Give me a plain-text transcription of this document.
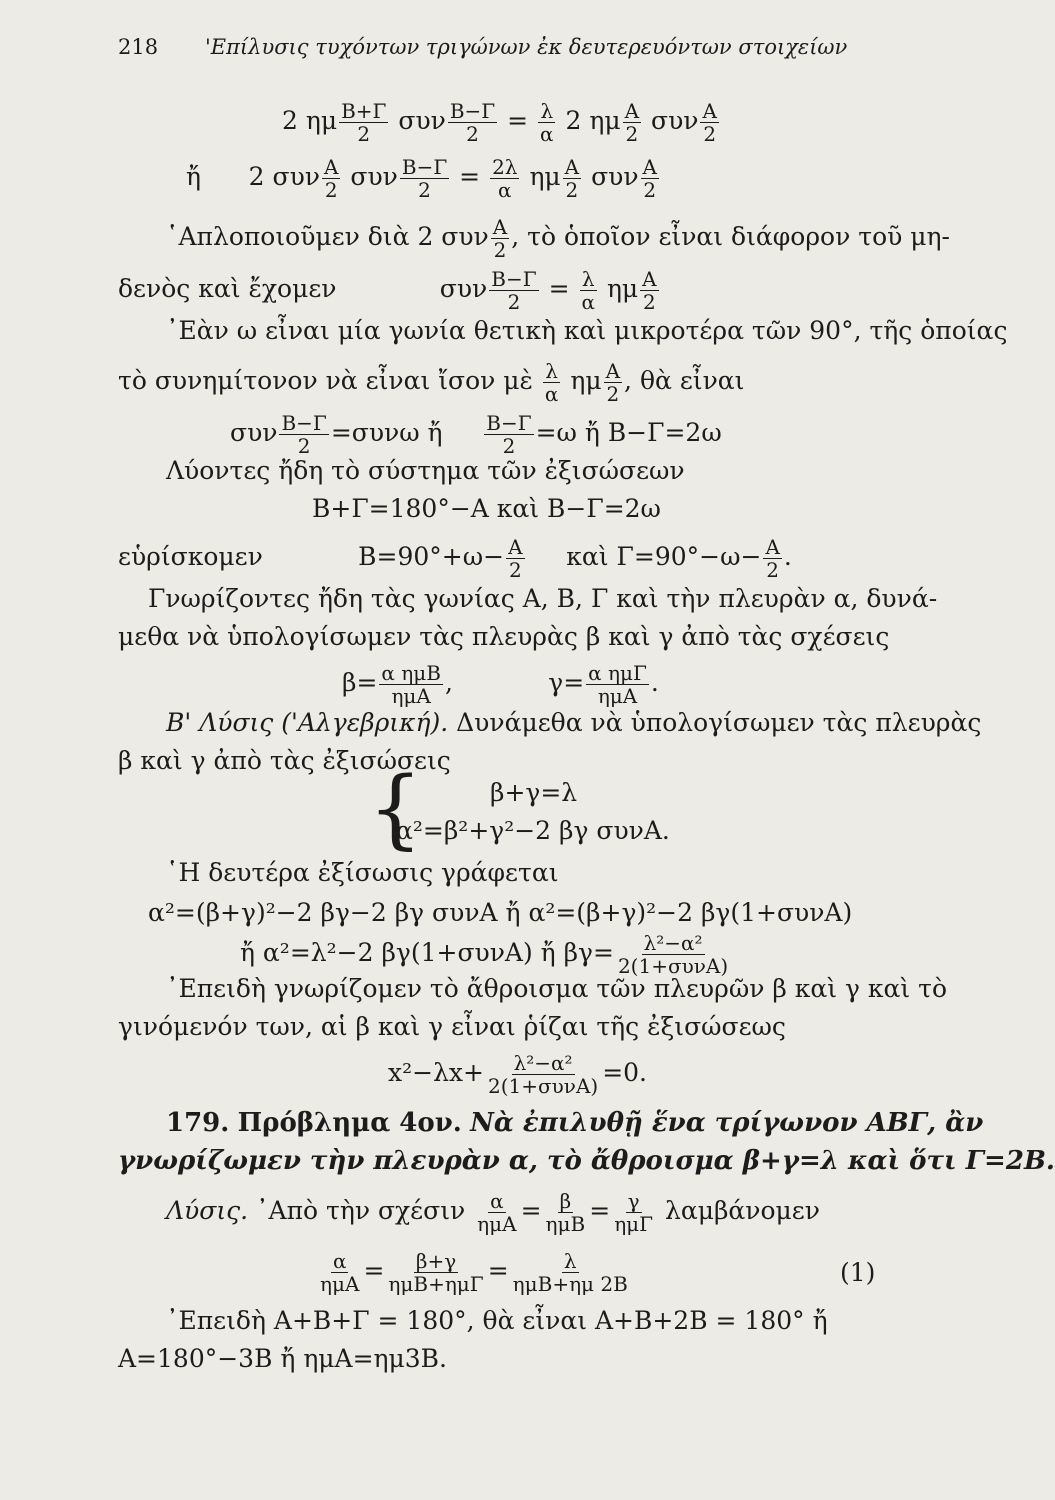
218 'Επίλυσις τυχόντων τριγώνων ἐκ δευτερευόντων στοιχείων
2 ημ $\frac{B+\Gamma}{2}$ συν $\frac{B-\Gamma}{2} = \frac{\lambda}{\alpha} 2$ ημ $\frac{A}{2}$ συν $\frac{A}{2}$
ἤ 2 συν $\frac{A}{2}$ συν $\frac{B-\Gamma}{2} = \frac{2\lambda}{\alpha}$ ημ $\frac{A}{2}$ συν $\frac{A}{2}$
῾Απλοποιοῦμεν διὰ 2 συν $\frac{A}{2}$ , τὸ ὁποῖον εἶναι διάφορον τοῦ μη-
δενὸς καὶ ἔχομεν	συν $\frac{B-\Gamma}{2} = \frac{\lambda}{\alpha}$ ημ $\frac{A}{2}$
᾿Εὰν ω εἶναι μία γωνία θετικὴ καὶ μικροτέρα τῶν 90°, τῆς ὁποίας
τὸ συνημίτονον νὰ εἶναι ἴσον μὲ $\frac{\lambda}{\alpha}$ ημ $\frac{A}{2}$ , θὰ εἶναι
συν $\frac{B-\Gamma}{2} =\sigma\upsilon\nu\omega$ ἤ $\frac{B-\Gamma}{2} =\omega$ ἤ Β−Γ=2ω
Λύοντες ἤδη τὸ σύστημα τῶν ἐξισώσεων
Β+Γ=180°−Α καὶ Β−Γ=2ω
εὑρίσκομεν	$B=90^\circ+\omega- \frac{A}{2}$ καὶ $\Gamma=90^\circ-\omega- \frac{A}{2}$ .
Γνωρίζοντες ἤδη τὰς γωνίας Α, Β, Γ καὶ τὴν πλευρὰν α, δυνά-
μεθα νὰ ὑπολογίσωμεν τὰς πλευρὰς β καὶ γ ἀπὸ τὰς σχέσεις
β= α ημΒ
ημΑ ,	γ= α ημΓ
ημΑ .
Β' Λύσις ('Αλγεβρική). Δυνάμεθα νὰ ὑπολογίσωμεν τὰς πλευρὰς
β καὶ γ ἀπὸ τὰς ἐξισώσεις
{	β+γ=λ
α²=β²+γ²−2 βγ συνΑ.
῾Η δευτέρα ἐξίσωσις γράφεται
α²=(β+γ)²−2 βγ−2 βγ συνΑ ἤ α²=(β+γ)²−2 βγ(1+συνΑ)
ἤ α²=λ²−2 βγ(1+συνΑ) ἤ βγ= λ²−α²
2(1+συνΑ)
᾿Επειδὴ γνωρίζομεν τὸ ἄθροισμα τῶν πλευρῶν β καὶ γ καὶ τὸ
γινόμενόν των, αἱ β καὶ γ εἶναι ῥίζαι τῆς ἐξισώσεως
x²−λx+ λ²−α²
2(1+συνΑ) =0.
179. Πρόβλημα 4ον. Νὰ ἐπιλυθῇ ἕνα τρίγωνον ΑΒΓ, ἂν
γνωρίζωμεν τὴν πλευρὰν α, τὸ ἄθροισμα β+γ=λ καὶ ὅτι Γ=2Β.
Λύσις. ᾿Απὸ τὴν σχέσιν α
ημΑ = β
ημΒ = γ
ημΓ λαμβάνομεν
α
ημΑ = β+γ
ημΒ+ημΓ =	λ
ημΒ+ημ 2Β	(1)
᾿Επειδὴ Α+Β+Γ = 180°, θὰ εἶναι Α+Β+2Β = 180° ἤ
Α=180°−3Β ἤ ημΑ=ημ3Β.
